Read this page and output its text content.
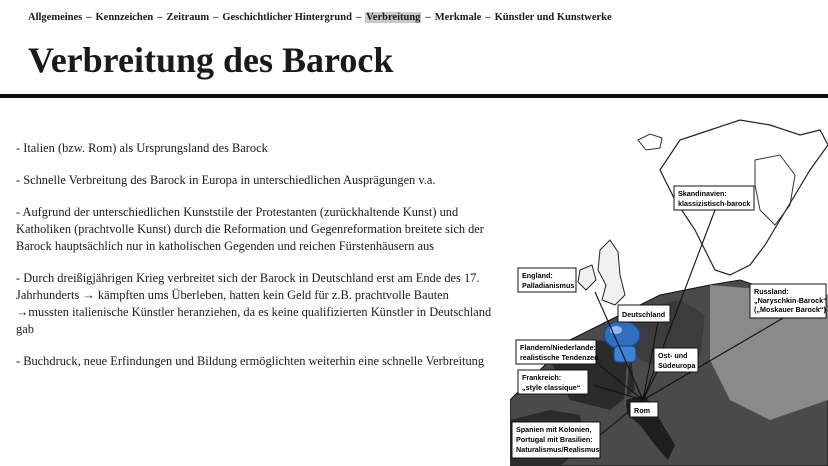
Allgemeines – Kennzeichen – Zeitraum – Geschichtlicher Hintergrund – Verbreitung – Merkmale – Künstler und Kunstwerke
Verbreitung des Barock

- Italien (bzw. Rom) als Ursprungsland des Barock

- Schnelle Verbreitung des Barock in Europa in unterschiedlichen Ausprägungen v.a.

- Aufgrund der unterschiedlichen Kunststile der Protestanten (zurückhaltende Kunst) und Katholiken (prachtvolle Kunst) durch die Reformation und Gegenreformation breitete sich der Barock hauptsächlich nur in katholischen Gegenden und reichen Fürstenhäusern aus

- Durch dreißigjährigen Krieg verbreitet sich der Barock in Deutschland erst am Ende des 17. Jahrhunderts → kämpften ums Überleben, hatten kein Geld für z.B. prachtvolle Bauten
→mussten italienische Künstler heranziehen, da es keine qualifizierten Künstler in Deutschland gab

- Buchdruck, neue Erfindungen und Bildung ermöglichten weiterhin eine schnelle Verbreitung

Skandinavien:
klassizistisch-barock
England:
Palladianismus
Russland:
„Naryschkin-Barock“
(„Moskauer Barock“)
Deutschland
Flandern/Niederlande:
realistische Tendenzen	Ost- und
Südeuropa
Frankreich:
„style classique“
Rom
Spanien mit Kolonien,
Portugal mit Brasilien:
Naturalismus/Realismus
